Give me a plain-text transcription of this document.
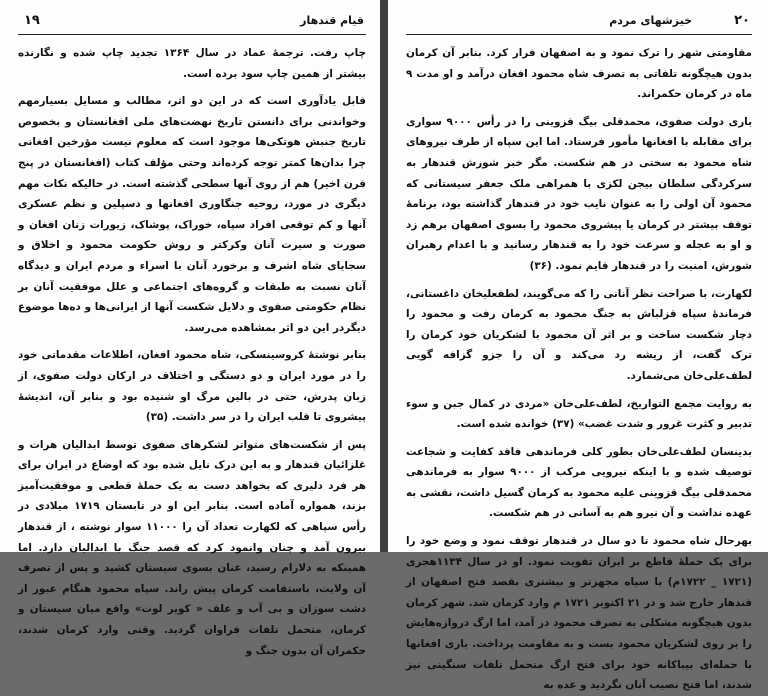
قیام قندهار
۱۹

چاپ رفت. ترجمهٔ عماد در سال ۱۳۶۴ تجدید چاپ شده و نگارنده بیشتر از همین چاپ سود برده است.

قابل یادآوری است که در این دو اثر، مطالب و مسایل بسیارمهم وخواندنی برای دانستن تاریخ نهضت‌های ملی افغانستان و بخصوص تاریخ جنبش هوتکی‌ها موجود است که معلوم نیست مؤرخین افغانی چرا بدان‌ها کمتر توجه کرده‌اند وحتی مؤلف کتاب (افغانستان در پنج قرن اخیر) هم از روی آنها سطحی گذشته است. در حالیکه نکات مهم دیگری در مورد، روحیه جنگاوری افغانها و دسپلین و نظم عسکری آنها و کم توقعی افراد سپاه، خوراک، پوشاک، زیورات زنان افغان و صورت و سیرت آنان وکرکتر و روش حکومت محمود و اخلاق و سجایای شاه اشرف و برخورد آنان با اسراء و مردم ایران و دیدگاه آنان نسبت به طبقات و گروه‌های اجتماعی و علل موفقیت آنان بر نظام حکومتی صفوی و دلایل شکست آنها از ایرانی‌ها و ده‌ها موضوع دیگردر این دو اثر بمشاهده می‌رسد.

بنابر نوشتهٔ کروسینسکی، شاه محمود افغان، اطلاعات مقدماتی خود را در مورد ایران و دو دستگی و اختلاف در ارکان دولت صفوی، از زبان پدرش، حتی در بالین مرگ او شنیده بود و بنابر آن، اندیشهٔ پیشروی تا قلب ایران را در سر داشت. (۳۵)

پس از شکست‌های متواتر لشکرهای صفوی توسط ابدالیان هرات و غلزائیان قندهار و به این درک نایل شده بود که اوضاع در ایران برای هر فرد دلیری که بخواهد دست به یک حملهٔ قطعی و موفقیت‌آمیز بزند، همواره آماده است. بنابر این او در تابستان ۱۷۱۹ میلادی در رأس سپاهی که لکهارت تعداد آن را ۱۱۰۰۰ سوار نوشته ، از قندهار بیرون آمد و چنان وانمود کرد که قصد جنگ با ابدالیان دارد. اما همینکه به دلارام رسید، عنان بسوی سیستان کشید و پس از تصرف آن ولایت، باستقامت کرمان پیش راند. سپاه محمود هنگام عبور از دشت سوزان و بی آب و علف « کویر لوت» واقع میان سیستان و کرمان، متحمل تلفات فراوان گردید. وقتی وارد کرمان شدند، حکمران آن بدون جنگ و

۲۰
خیزشهای مردم

مقاومتی شهر را ترک نمود و به اصفهان فرار کرد. بنابر آن کرمان بدون هیچگونه تلفاتی به تصرف شاه محمود افغان درآمد و او مدت ۹ ماه در کرمان حکمراند.

باری دولت صفوی، محمدقلی بیگ قزوینی را در رأس ۹۰۰۰ سواری برای مقابله با افغانها مأمور فرستاد. اما این سپاه از طرف نیروهای شاه محمود به سختی در هم شکست. مگر خبر شورش قندهار به سرکردگی سلطان بیجن لکزی با همراهی ملک جعفر سیستانی که محمود آن اولی را به عنوان نایب خود در قندهار گذاشته بود، برنامهٔ توقف بیشتر در کرمان یا پیشروی محمود را بسوی اصفهان برهم زد و او به عجله و سرعت خود را به قندهار رسانید و با اعدام رهبران شورش، امنیت را در قندهار قایم نمود. (۳۶)

لکهارت، با صراحت نظر آنانی را که می‌گویند، لطفعلیخان داغستانی، فرماندهٔ سپاه قزلباش به جنگ محمود به کرمان رفت و محمود را دچار شکست ساخت و بر اثر آن محمود با لشکریان خود کرمان را ترک گفت، از ریشه رد می‌کند و آن را جزو گزافه گویی لطف‌علی‌خان می‌شمارد.

به روایت مجمع التواریخ، لطف‌علی‌خان «مردی در کمال جبن و سوء تدبیر و کثرت غرور و شدت غضب» (۳۷) خوانده شده است.

بدینسان لطف‌علی‌خان بطور کلی فرماندهی فاقد کفایت و شجاعت توصیف شده و با اینکه نیرویی مرکب از ۹۰۰۰ سوار به فرماندهی محمدقلی بیگ قزوینی علیه محمود به کرمان گسیل داشت، نقشی به عهده نداشت و آن نیرو هم به آسانی در هم شکست.

بهرحال شاه محمود تا دو سال در قندهار توقف نمود و وضع خود را برای یک حملهٔ قاطع بر ایران تقویت نمود. او در سال ۱۱۳۴هجری (۱۷۲۱ _ ۱۷۲۲م) با سپاه مجهزتر و بیشتری بقصد فتح اصفهان از قندهار خارج شد و در ۲۱ اکتوبر ۱۷۲۱ م وارد کرمان شد. شهر کرمان بدون هیچگونه مشکلی به تصرف محمود در آمد، اما ارگ دروازه‌هایش را بر روی لشکریان محمود بست و به مقاومت پرداخت. باری افغانها با حمله‌ای بیباکانه خود برای فتح ارگ متحمل تلفات سنگینی نیز شدند، اما فتح نصیب آنان نگردید و عده به
